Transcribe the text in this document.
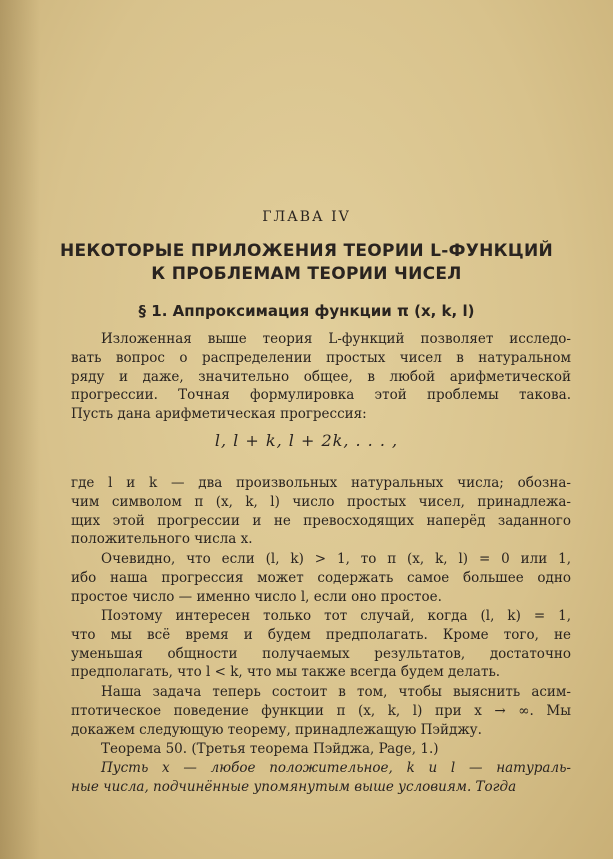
ГЛАВА IV
НЕКОТОРЫЕ ПРИЛОЖЕНИЯ ТЕОРИИ L-ФУНКЦИЙ
К ПРОБЛЕМАМ ТЕОРИИ ЧИСЕЛ
§ 1. Аппроксимация функции π (x, k, l)
Изложенная выше теория L-функций позволяет исследо-
вать вопрос о распределении простых чисел в натуральном
ряду и даже, значительно общее, в любой арифметической
прогрессии. Точная формулировка этой проблемы такова.
Пусть дана арифметическая прогрессия:
l, l + k, l + 2k, . . . ,
где l и k — два произвольных натуральных числа; обозна-
чим символом π (x, k, l) число простых чисел, принадлежа-
щих этой прогрессии и не превосходящих наперёд заданного
положительного числа x.
Очевидно, что если (l, k) > 1, то π (x, k, l) = 0 или 1,
ибо наша прогрессия может содержать самое большее одно
простое число — именно число l, если оно простое.
Поэтому интересен только тот случай, когда (l, k) = 1,
что мы всё время и будем предполагать. Кроме того, не
уменьшая общности получаемых результатов, достаточно
предполагать, что l < k, что мы также всегда будем делать.
Наша задача теперь состоит в том, чтобы выяснить асим-
птотическое поведение функции π (x, k, l) при x → ∞. Мы
докажем следующую теорему, принадлежащую Пэйджу.
Теорема 50. (Третья теорема Пэйджа, Page, 1.)
Пусть x — любое положительное, k и l — натураль-
ные числа, подчинённые упомянутым выше условиям. Тогда
